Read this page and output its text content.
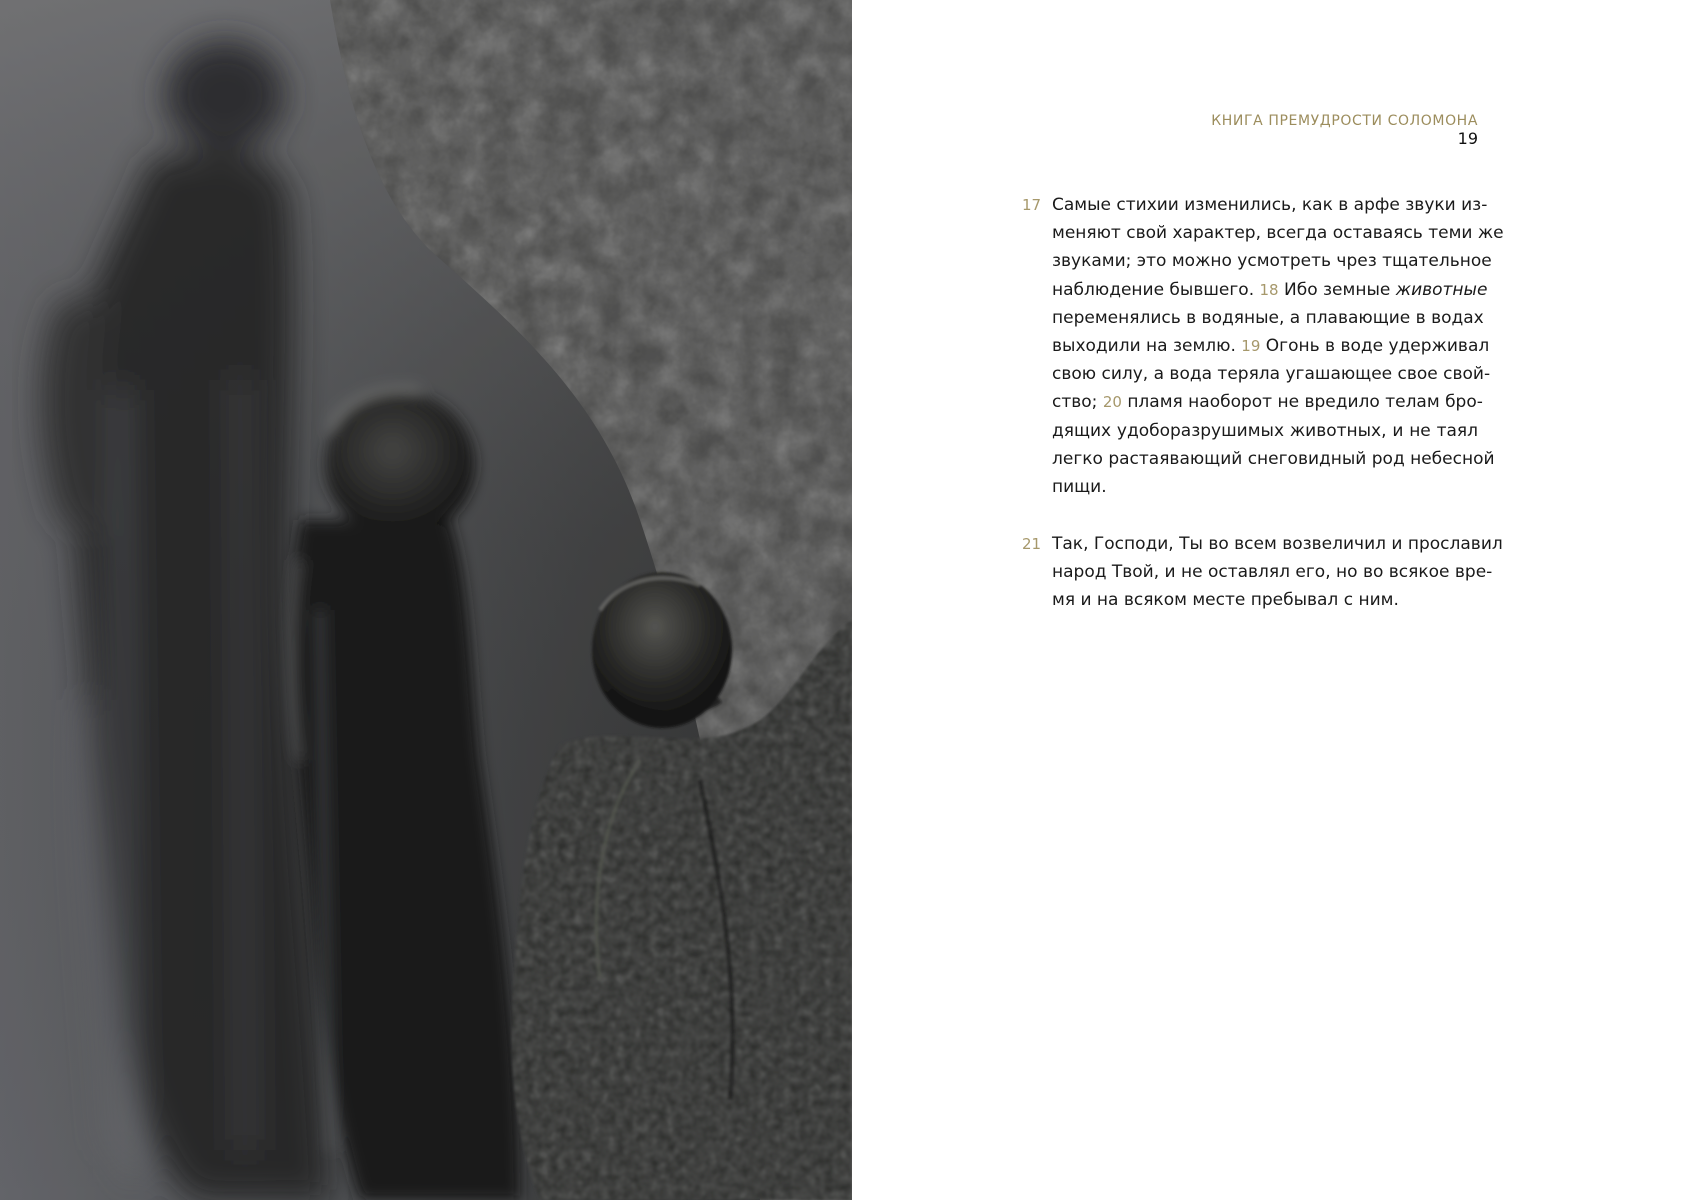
КНИГА ПРЕМУДРОСТИ СОЛОМОНА
19

17 Самые стихии изменились, как в арфе звуки из-
меняют свой характер, всегда оставаясь теми же
звуками; это можно усмотреть чрез тщательное
наблюдение бывшего. 18 Ибо земные животные
переменялись в водяные, а плавающие в водах
выходили на землю. 19 Огонь в воде удерживал
свою силу, а вода теряла угашающее свое свой-
ство; 20 пламя наоборот не вредило телам бро-
дящих удоборазрушимых животных, и не таял
легко растаявающий снеговидный род небесной
пищи.

21 Так, Господи, Ты во всем возвеличил и прославил
народ Твой, и не оставлял его, но во всякое вре-
мя и на всяком месте пребывал с ним.
